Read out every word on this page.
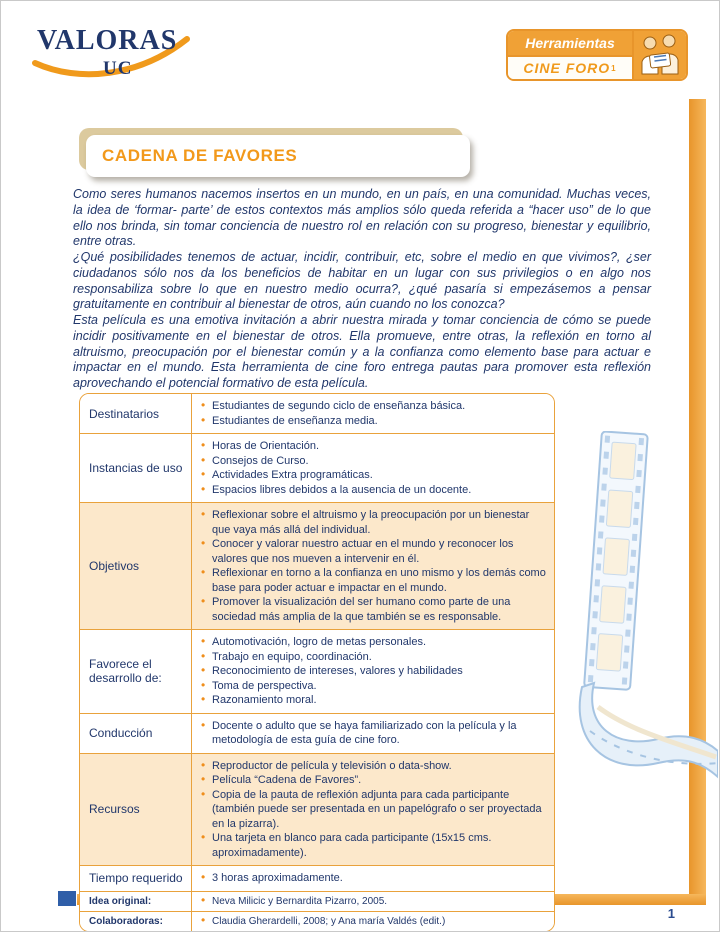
VALORAS
UC
Herramientas
CINE FORO 1
CADENA DE FAVORES

Como seres humanos nacemos insertos en un mundo, en un país, en una comunidad. Muchas veces, la idea de ‘formar- parte’ de estos contextos más amplios sólo queda referida a “hacer uso” de lo que ello nos brinda, sin tomar conciencia de nuestro rol en relación con su progreso, bienestar y equilibrio, entre otras.

¿Qué posibilidades tenemos de actuar, incidir, contribuir, etc, sobre el medio en que vivimos?, ¿ser ciudadanos sólo nos da los beneficios de habitar en un lugar con sus privilegios o en algo nos responsabiliza sobre lo que en nuestro medio ocurra?, ¿qué pasaría si empezásemos a pensar gratuitamente en contribuir al bienestar de otros, aún cuando no los conozca?

Esta película es una emotiva invitación a abrir nuestra mirada y tomar conciencia de cómo se puede incidir positivamente en el bienestar de otros. Ella promueve, entre otras, la reflexión en torno al altruismo, preocupación por el bienestar común y a la confianza como elemento base para actuar e impactar en el mundo. Esta herramienta de cine foro entrega pautas para promover esta reflexión aprovechando el potencial formativo de esta película.

Destinatarios
• Estudiantes de segundo ciclo de enseñanza básica.
• Estudiantes de enseñanza media.
Instancias de uso
• Horas de Orientación.
• Consejos de Curso.
• Actividades Extra programáticas.
• Espacios libres debidos a la ausencia de un docente.
Objetivos
• Reflexionar sobre el altruismo y la preocupación por un bienestar que vaya más allá del individual.
• Conocer y valorar nuestro actuar en el mundo y reconocer los valores que nos mueven a intervenir en él.
• Reflexionar en torno a la confianza en uno mismo y los demás como base para poder actuar e impactar en el mundo.
• Promover la visualización del ser humano como parte de una sociedad más amplia de la que también se es responsable.
Favorece el desarrollo de:
• Automotivación, logro de metas personales.
• Trabajo en equipo, coordinación.
• Reconocimiento de intereses, valores y habilidades
• Toma de perspectiva.
• Razonamiento moral.
Conducción
• Docente o adulto que se haya familiarizado con la película y la metodología de esta guía de cine foro.
Recursos
• Reproductor de película y televisión o data-show.
• Película “Cadena de Favores”.
• Copia de la pauta de reflexión adjunta para cada participante (también puede ser presentada en un papelógrafo o ser proyectada en la pizarra).
• Una tarjeta en blanco para cada participante (15x15 cms. aproximadamente).
Tiempo requerido	• 3 horas aproximadamente.
Idea original:	• Neva Milicic y Bernardita Pizarro, 2005.
Colaboradoras:	• Claudia Gherardelli, 2008; y Ana maría Valdés (edit.)	1
